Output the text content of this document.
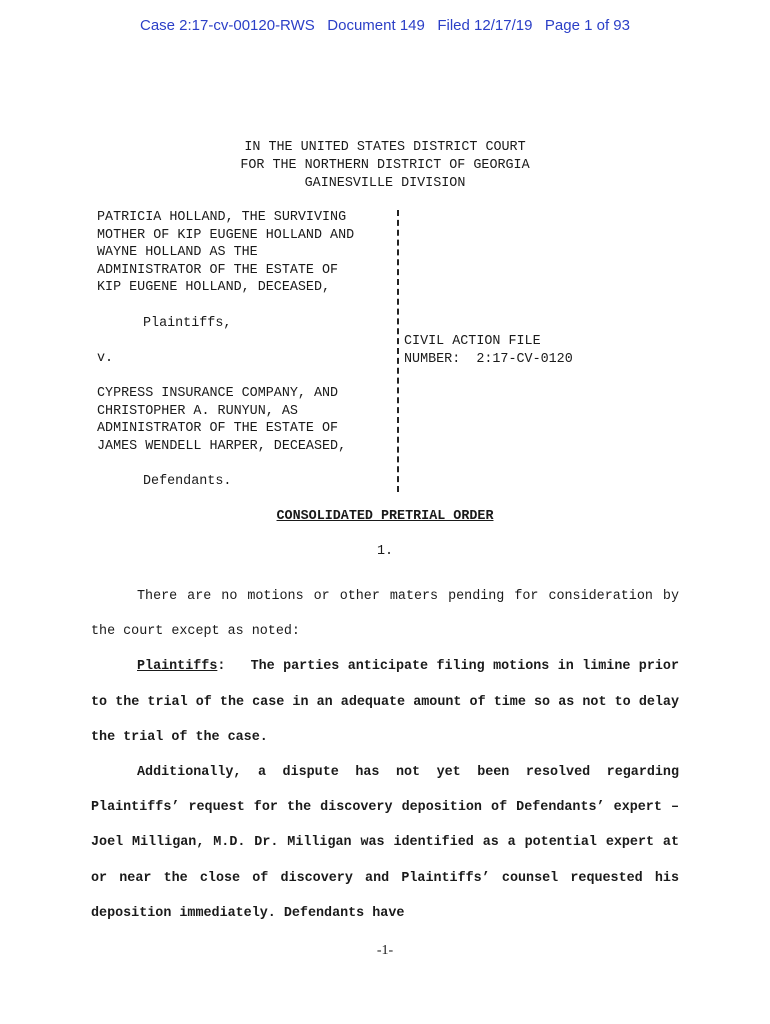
Case 2:17-cv-00120-RWS   Document 149   Filed 12/17/19   Page 1 of 93
IN THE UNITED STATES DISTRICT COURT
FOR THE NORTHERN DISTRICT OF GEORGIA
GAINESVILLE DIVISION
PATRICIA HOLLAND, THE SURVIVING
MOTHER OF KIP EUGENE HOLLAND AND
WAYNE HOLLAND AS THE
ADMINISTRATOR OF THE ESTATE OF
KIP EUGENE HOLLAND, DECEASED,
Plaintiffs,
v.
CYPRESS INSURANCE COMPANY, AND
CHRISTOPHER A. RUNYUN, AS
ADMINISTRATOR OF THE ESTATE OF
JAMES WENDELL HARPER, DECEASED,
Defendants.
CIVIL ACTION FILE
NUMBER:  2:17-CV-0120
CONSOLIDATED PRETRIAL ORDER
1.

There are no motions or other maters pending for consideration by the court except as noted:

Plaintiffs: The parties anticipate filing motions in limine prior to the trial of the case in an adequate amount of time so as not to delay the trial of the case.

Additionally, a dispute has not yet been resolved regarding Plaintiffs’ request for the discovery deposition of Defendants’ expert – Joel Milligan, M.D. Dr. Milligan was identified as a potential expert at or near the close of discovery and Plaintiffs’ counsel requested his deposition immediately. Defendants have

-1-
